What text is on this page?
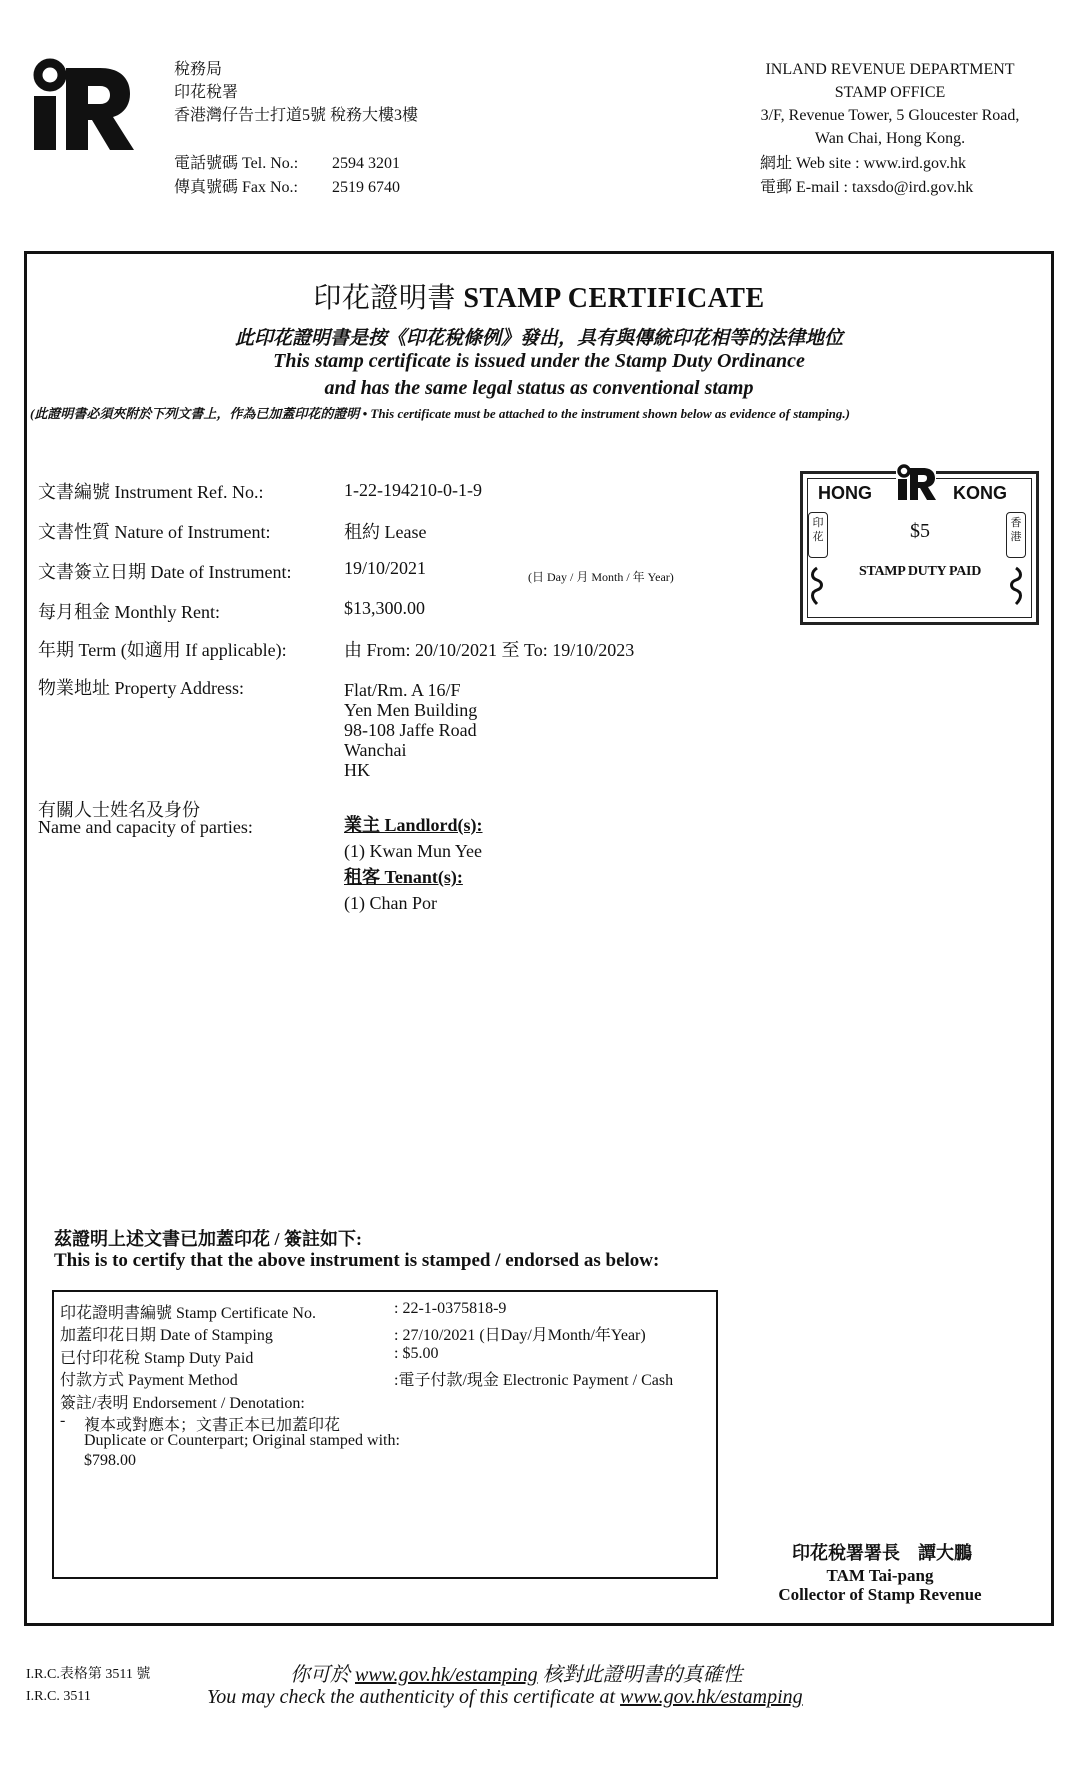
稅務局
印花稅署
香港灣仔告士打道5號 稅務大樓3樓
電話號碼 Tel. No.: 2594 3201
傳真號碼 Fax No.: 2519 6740
INLAND REVENUE DEPARTMENT
STAMP OFFICE
3/F, Revenue Tower, 5 Gloucester Road,
Wan Chai, Hong Kong.
網址 Web site : www.ird.gov.hk
電郵 E-mail : taxsdo@ird.gov.hk
印花證明書 STAMP CERTIFICATE
此印花證明書是按《印花稅條例》發出，具有與傳統印花相等的法律地位
This stamp certificate is issued under the Stamp Duty Ordinance
and has the same legal status as conventional stamp
(此證明書必須夾附於下列文書上，作為已加蓋印花的證明 • This certificate must be attached to the instrument shown below as evidence of stamping.)
文書編號 Instrument Ref. No.:	1-22-194210-0-1-9
文書性質 Nature of Instrument:	租約 Lease
文書簽立日期 Date of Instrument:	19/10/2021	(日 Day / 月 Month / 年 Year)
每月租金 Monthly Rent:	$13,300.00
年期 Term (如適用 If applicable):	由 From: 20/10/2021 至 To: 19/10/2023
物業地址 Property Address:	Flat/Rm. A 16/F
Yen Men Building
98-108 Jaffe Road
Wanchai
HK
有關人士姓名及身份
Name and capacity of parties:	業主 Landlord(s):
(1) Kwan Mun Yee
租客 Tenant(s):
(1) Chan Por
HONG	KONG
$5
STAMP DUTY PAID
印花
香港
茲證明上述文書已加蓋印花 / 簽註如下:
This is to certify that the above instrument is stamped / endorsed as below:
印花證明書編號 Stamp Certificate No.	: 22-1-0375818-9
加蓋印花日期 Date of Stamping	: 27/10/2021 (日Day/月Month/年Year)
已付印花稅 Stamp Duty Paid	: $5.00
付款方式 Payment Method	:電子付款/現金 Electronic Payment / Cash
簽註/表明 Endorsement / Denotation:
- 複本或對應本；文書正本已加蓋印花
Duplicate or Counterpart; Original stamped with:
$798.00
印花稅署署長　譚大鵬
TAM Tai-pang
Collector of Stamp Revenue
I.R.C.表格第 3511 號
I.R.C. 3511
你可於 www.gov.hk/estamping 核對此證明書的真確性
You may check the authenticity of this certificate at www.gov.hk/estamping
